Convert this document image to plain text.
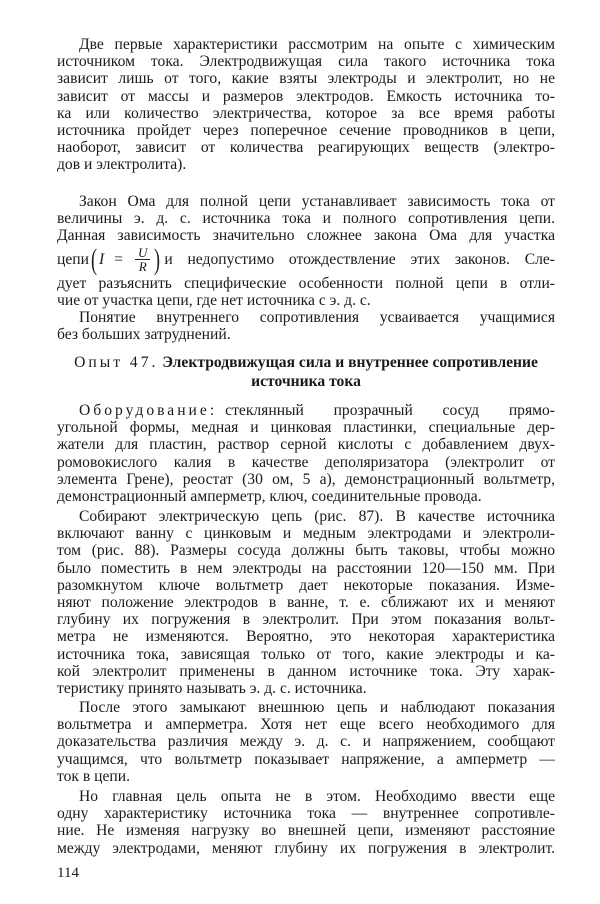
Две первые характеристики рассмотрим на опыте с химическим
источником тока. Электродвижущая сила такого источника тока
зависит лишь от того, какие взяты электроды и электролит, но не
зависит от массы и размеров электродов. Емкость источника то-
ка или количество электричества, которое за все время работы
источника пройдет через поперечное сечение проводников в цепи,
наоборот, зависит от количества реагирующих веществ (электро-
дов и электролита).
Закон Ома для полной цепи устанавливает зависимость тока от
величины э. д. с. источника тока и полного сопротивления цепи.
Данная зависимость значительно сложнее закона Ома для участка
цепи ( $I = \frac{U}{R}$ ) и недопустимо отождествление этих законов. Сле-
дует разъяснить специфические особенности полной цепи в отли-
чие от участка цепи, где нет источника с э. д. с.
Понятие внутреннего сопротивления усваивается учащимися
без больших затруднений.
Опыт 47. Электродвижущая сила и внутреннее сопротивление
источника тока
Оборудование: стеклянный прозрачный сосуд прямо-
угольной формы, медная и цинковая пластинки, специальные дер-
жатели для пластин, раствор серной кислоты с добавлением двух-
ромовокислого калия в качестве деполяризатора (электролит от
элемента Грене), реостат (30 ом, 5 а), демонстрационный вольтметр,
демонстрационный амперметр, ключ, соединительные провода.
Собирают электрическую цепь (рис. 87). В качестве источника
включают ванну с цинковым и медным электродами и электроли-
том (рис. 88). Размеры сосуда должны быть таковы, чтобы можно
было поместить в нем электроды на расстоянии 120—150 мм. При
разомкнутом ключе вольтметр дает некоторые показания. Изме-
няют положение электродов в ванне, т. е. сближают их и меняют
глубину их погружения в электролит. При этом показания вольт-
метра не изменяются. Вероятно, это некоторая характеристика
источника тока, зависящая только от того, какие электроды и ка-
кой электролит применены в данном источнике тока. Эту харак-
теристику принято называть э. д. с. источника.
После этого замыкают внешнюю цепь и наблюдают показания
вольтметра и амперметра. Хотя нет еще всего необходимого для
доказательства различия между э. д. с. и напряжением, сообщают
учащимся, что вольтметр показывает напряжение, а амперметр —
ток в цепи.
Но главная цель опыта не в этом. Необходимо ввести еще
одну характеристику источника тока — внутреннее сопротивле-
ние. Не изменяя нагрузку во внешней цепи, изменяют расстояние
между электродами, меняют глубину их погружения в электролит.
114
